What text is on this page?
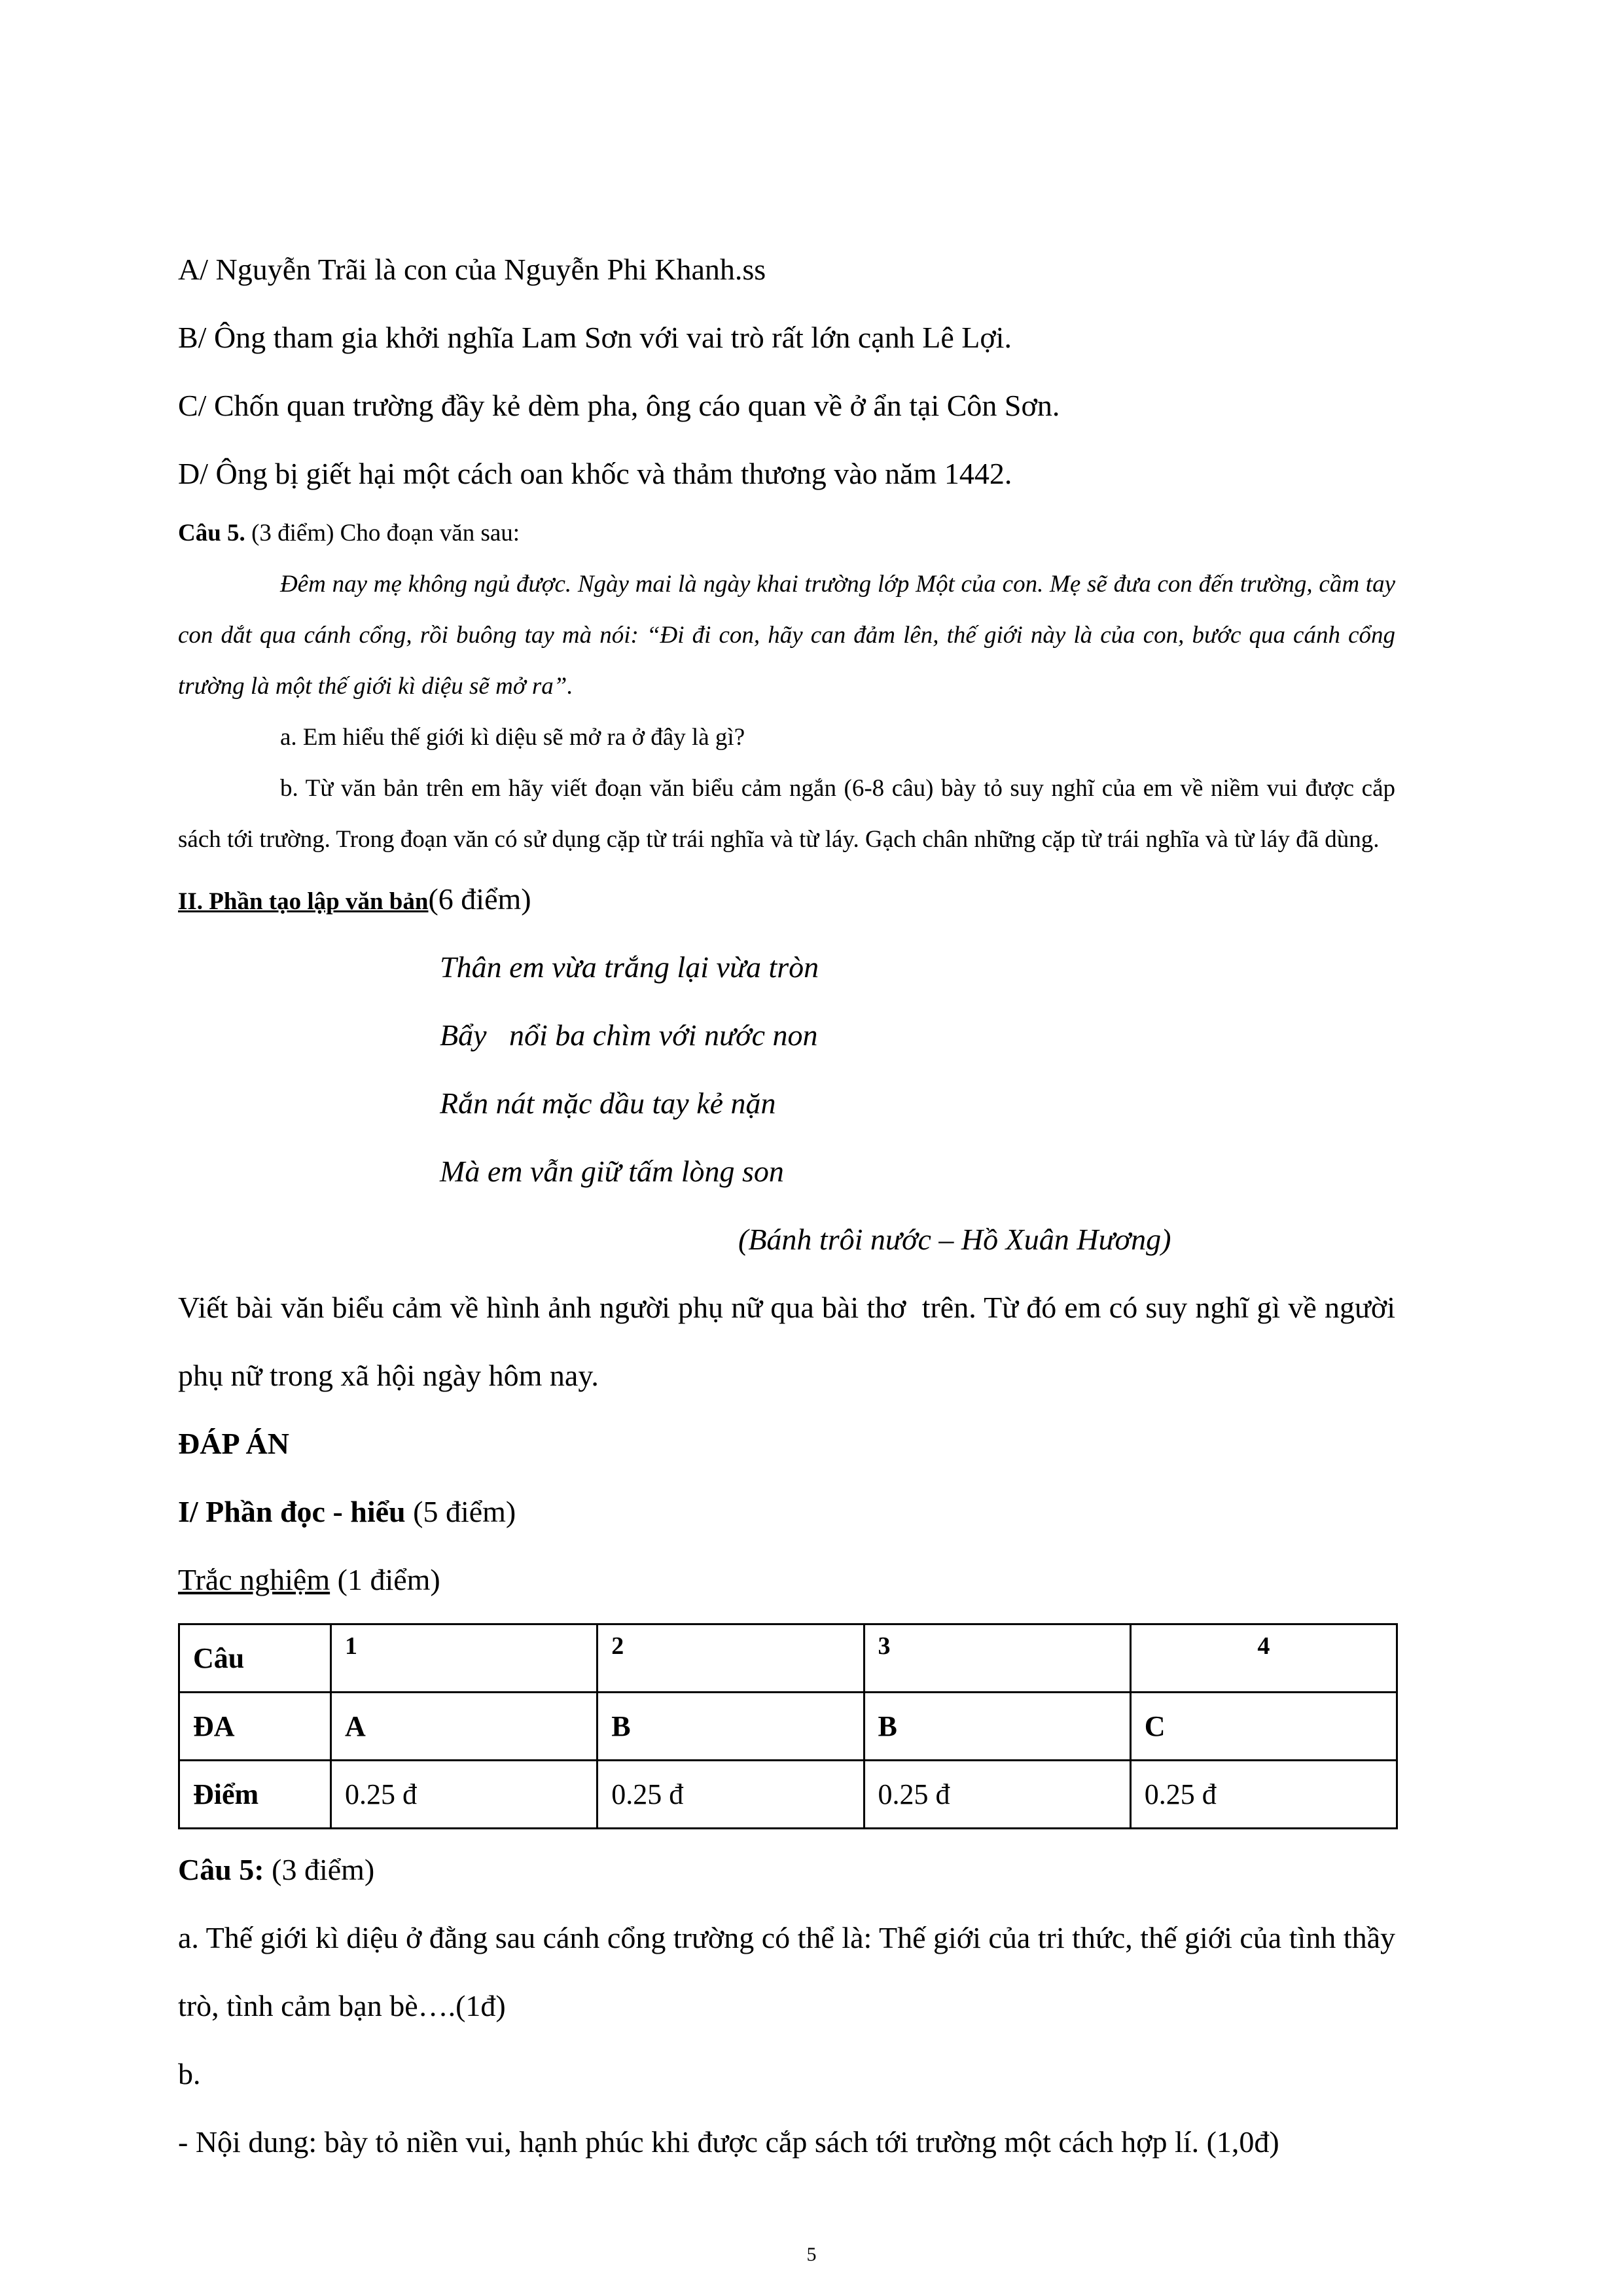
A/ Nguyễn Trãi là con của Nguyễn Phi Khanh.ss

B/ Ông tham gia khởi nghĩa Lam Sơn với vai trò rất lớn cạnh Lê Lợi.

C/ Chốn quan trường đầy kẻ dèm pha, ông cáo quan về ở ẩn tại Côn Sơn.

D/ Ông bị giết hại một cách oan khốc và thảm thương vào năm 1442.

Câu 5. (3 điểm) Cho đoạn văn sau:

Đêm nay mẹ không ngủ được. Ngày mai là ngày khai trường lớp Một của con. Mẹ sẽ đưa con đến trường, cầm tay con dắt qua cánh cổng, rồi buông tay mà nói: “Đi đi con, hãy can đảm lên, thế giới này là của con, bước qua cánh cổng trường là một thế giới kì diệu sẽ mở ra”.

a. Em hiểu thế giới kì diệu sẽ mở ra ở đây là gì?

b. Từ văn bản trên em hãy viết đoạn văn biểu cảm ngắn (6-8 câu) bày tỏ suy nghĩ của em về niềm vui được cắp sách tới trường. Trong đoạn văn có sử dụng cặp từ trái nghĩa và từ láy. Gạch chân những cặp từ trái nghĩa và từ láy đã dùng.

II. Phần tạo lập văn bản(6 điểm)

Thân em vừa trắng lại vừa tròn

Bẩy   nổi ba chìm với nước non

Rắn nát mặc dầu tay kẻ nặn

Mà em vẫn giữ tấm lòng son

(Bánh trôi nước – Hồ Xuân Hương)

Viết bài văn biểu cảm về hình ảnh người phụ nữ qua bài thơ  trên. Từ đó em có suy nghĩ gì về người phụ nữ trong xã hội ngày hôm nay.

ĐÁP ÁN

I/ Phần đọc - hiểu (5 điểm)

Trắc nghiệm (1 điểm)

Câu	1	2	3	4
ĐA	A	B	B	C
Điểm	0.25 đ	0.25 đ	0.25 đ	0.25 đ

Câu 5: (3 điểm)

a. Thế giới kì diệu ở đằng sau cánh cổng trường có thể là: Thế giới của tri thức, thế giới của tình thầy trò, tình cảm bạn bè….(1đ)

b.

- Nội dung: bày tỏ niền vui, hạnh phúc khi được cắp sách tới trường một cách hợp lí. (1,0đ)

5
